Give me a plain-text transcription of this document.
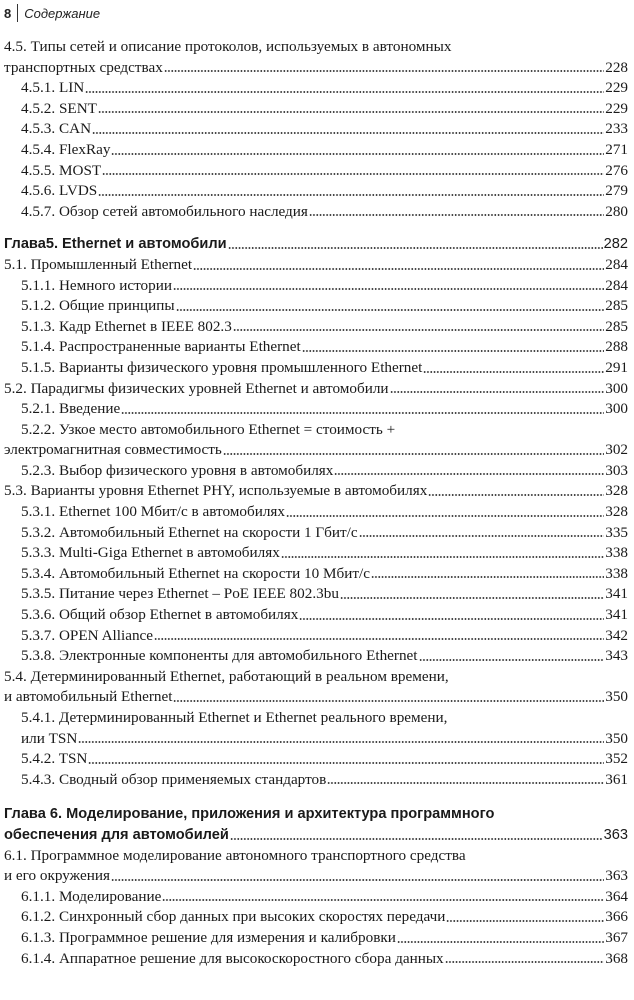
8	Содержание
4.5. Типы сетей и описание протоколов, используемых в автономных
транспортных средствах	228
4.5.1. LIN	229
4.5.2. SENT	229
4.5.3. CAN	233
4.5.4. FlexRay	271
4.5.5. MOST	276
4.5.6. LVDS	279
4.5.7. Обзор сетей автомобильного наследия	280
Глава5. Ethernet и автомобили	282
5.1. Промышленный Ethernet	284
5.1.1. Немного истории	284
5.1.2. Общие принципы	285
5.1.3. Кадр Ethernet в IEEE 802.3	285
5.1.4. Распространенные варианты Ethernet	288
5.1.5. Варианты физического уровня промышленного Ethernet	291
5.2. Парадигмы физических уровней Ethernet и автомобили	300
5.2.1. Введение	300
5.2.2. Узкое место автомобильного Ethernet = стоимость +
электромагнитная совместимость	302
5.2.3. Выбор физического уровня в автомобилях	303
5.3. Варианты уровня Ethernet PHY, используемые в автомобилях	328
5.3.1. Ethernet 100 Мбит/с в автомобилях	328
5.3.2. Автомобильный Ethernet на скорости 1 Гбит/с	335
5.3.3. Multi-Giga Ethernet в автомобилях	338
5.3.4. Автомобильный Ethernet на скорости 10 Мбит/с	338
5.3.5. Питание через Ethernet – PoE IEEE 802.3bu	341
5.3.6. Общий обзор Ethernet в автомобилях	341
5.3.7. OPEN Alliance	342
5.3.8. Электронные компоненты для автомобильного Ethernet	343
5.4. Детерминированный Ethernet, работающий в реальном времени,
и автомобильный Ethernet	350
5.4.1. Детерминированный Ethernet и Ethernet реального времени,
или TSN	350
5.4.2. TSN	352
5.4.3. Сводный обзор применяемых стандартов	361
Глава 6. Моделирование, приложения и архитектура программного
обеспечения для автомобилей	363
6.1. Программное моделирование автономного транспортного средства
и его окружения	363
6.1.1. Моделирование	364
6.1.2. Синхронный сбор данных при высоких скоростях передачи	366
6.1.3. Программное решение для измерения и калибровки	367
6.1.4. Аппаратное решение для высокоскоростного сбора данных	368
